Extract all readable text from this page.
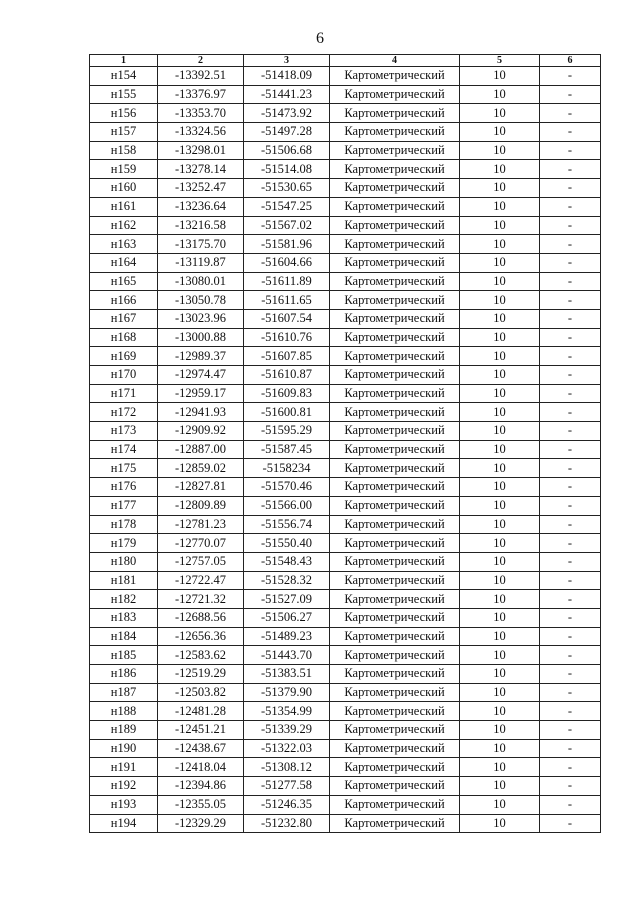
6
1	2	3	4	5	6
н154	-13392.51	-51418.09	Картометрический	10	-
н155	-13376.97	-51441.23	Картометрический	10	-
н156	-13353.70	-51473.92	Картометрический	10	-
н157	-13324.56	-51497.28	Картометрический	10	-
н158	-13298.01	-51506.68	Картометрический	10	-
н159	-13278.14	-51514.08	Картометрический	10	-
н160	-13252.47	-51530.65	Картометрический	10	-
н161	-13236.64	-51547.25	Картометрический	10	-
н162	-13216.58	-51567.02	Картометрический	10	-
н163	-13175.70	-51581.96	Картометрический	10	-
н164	-13119.87	-51604.66	Картометрический	10	-
н165	-13080.01	-51611.89	Картометрический	10	-
н166	-13050.78	-51611.65	Картометрический	10	-
н167	-13023.96	-51607.54	Картометрический	10	-
н168	-13000.88	-51610.76	Картометрический	10	-
н169	-12989.37	-51607.85	Картометрический	10	-
н170	-12974.47	-51610.87	Картометрический	10	-
н171	-12959.17	-51609.83	Картометрический	10	-
н172	-12941.93	-51600.81	Картометрический	10	-
н173	-12909.92	-51595.29	Картометрический	10	-
н174	-12887.00	-51587.45	Картометрический	10	-
н175	-12859.02	-5158234	Картометрический	10	-
н176	-12827.81	-51570.46	Картометрический	10	-
н177	-12809.89	-51566.00	Картометрический	10	-
н178	-12781.23	-51556.74	Картометрический	10	-
н179	-12770.07	-51550.40	Картометрический	10	-
н180	-12757.05	-51548.43	Картометрический	10	-
н181	-12722.47	-51528.32	Картометрический	10	-
н182	-12721.32	-51527.09	Картометрический	10	-
н183	-12688.56	-51506.27	Картометрический	10	-
н184	-12656.36	-51489.23	Картометрический	10	-
н185	-12583.62	-51443.70	Картометрический	10	-
н186	-12519.29	-51383.51	Картометрический	10	-
н187	-12503.82	-51379.90	Картометрический	10	-
н188	-12481.28	-51354.99	Картометрический	10	-
н189	-12451.21	-51339.29	Картометрический	10	-
н190	-12438.67	-51322.03	Картометрический	10	-
н191	-12418.04	-51308.12	Картометрический	10	-
н192	-12394.86	-51277.58	Картометрический	10	-
н193	-12355.05	-51246.35	Картометрический	10	-
н194	-12329.29	-51232.80	Картометрический	10	-
